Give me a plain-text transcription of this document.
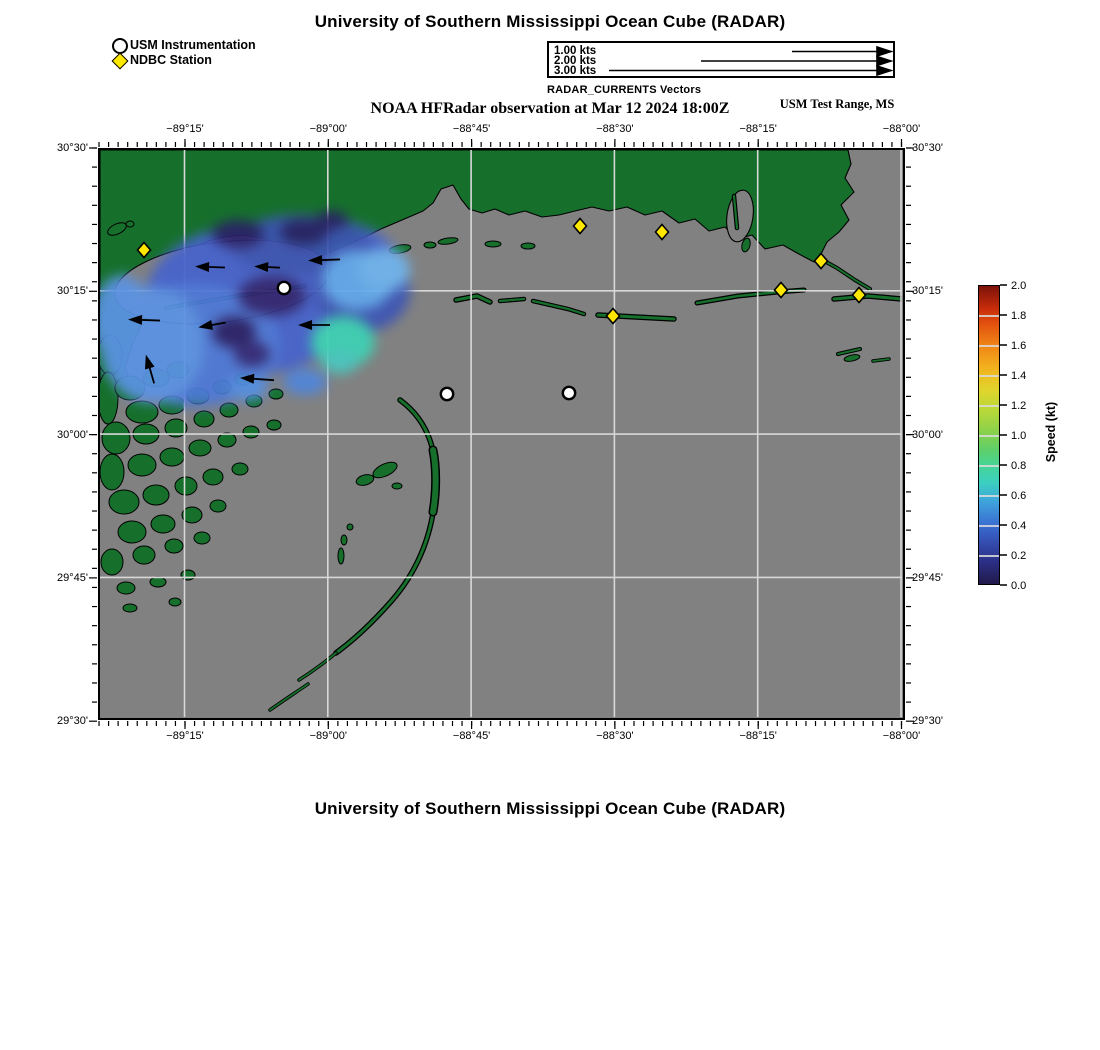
University of Southern Mississippi Ocean Cube (RADAR)
NOAA HFRadar observation at Mar 12 2024 18:00Z	USM Test Range, MS
University of Southern Mississippi Ocean Cube (RADAR)
USM Instrumentation
NDBC Station
1.00 kts
2.00 kts
3.00 kts
RADAR_CURRENTS Vectors
Speed (kt)
−89°15'
−89°15'
−89°00'
−89°00'
−88°45'
−88°45'
−88°30'
−88°30'
−88°15'
−88°15'
−88°00'
−88°00'
30°30'	30°30'
30°15'	30°15'
30°00'	30°00'
29°45'	29°45'
29°30'	29°30'
0.0
0.2
0.4
0.6
0.8
1.0
1.2
1.4
1.6
1.8
2.0
